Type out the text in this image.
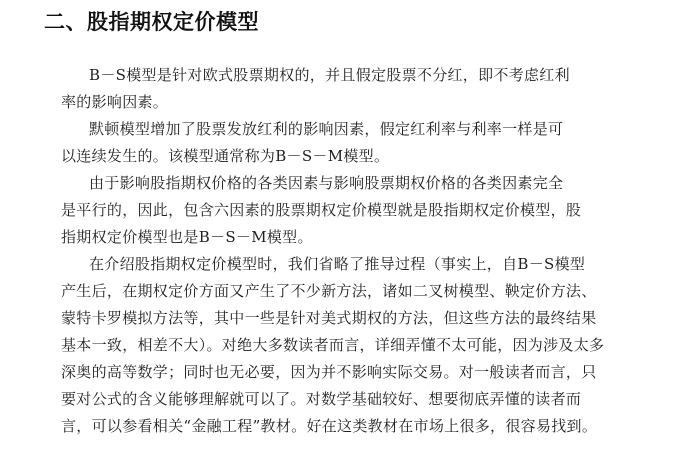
二、股指期权定价模型
B－S模型是针对欧式股票期权的，并且假定股票不分红，即不考虑红利
率的影响因素。
默顿模型增加了股票发放红利的影响因素，假定红利率与利率一样是可
以连续发生的。该模型通常称为B－S－M模型。
由于影响股指期权价格的各类因素与影响股票期权价格的各类因素完全
是平行的，因此，包含六因素的股票期权定价模型就是股指期权定价模型，股
指期权定价模型也是B－S－M模型。
在介绍股指期权定价模型时，我们省略了推导过程（事实上，自B－S模型
产生后，在期权定价方面又产生了不少新方法，诸如二叉树模型、鞅定价方法、
蒙特卡罗模拟方法等，其中一些是针对美式期权的方法，但这些方法的最终结果
基本一致，相差不大）。对绝大多数读者而言，详细弄懂不太可能，因为涉及太多
深奥的高等数学；同时也无必要，因为并不影响实际交易。对一般读者而言，只
要对公式的含义能够理解就可以了。对数学基础较好、想要彻底弄懂的读者而
言，可以参看相关“金融工程”教材。好在这类教材在市场上很多，很容易找到。
